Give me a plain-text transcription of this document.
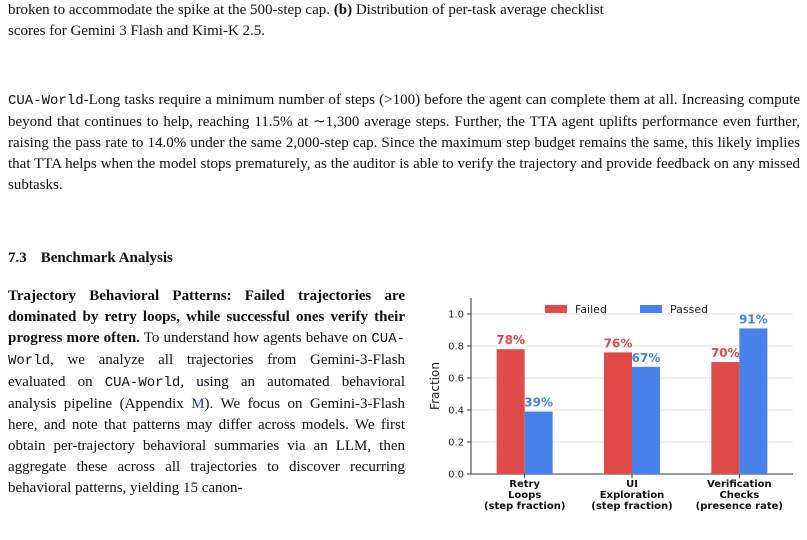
broken to accommodate the spike at the 500-step cap. (b) Distribution of per-task average checklist
scores for Gemini 3 Flash and Kimi-K 2.5.
CUA-World-Long tasks require a minimum number of steps (>100) before the agent can complete them at all. Increasing compute beyond that continues to help, reaching 11.5% at ∼1,300 average steps. Further, the TTA agent uplifts performance even further, raising the pass rate to 14.0% under the same 2,000-step cap. Since the maximum step budget remains the same, this likely implies that TTA helps when the model stops prematurely, as the auditor is able to verify the trajectory and provide feedback on any missed subtasks.
7.3 Benchmark Analysis
Trajectory Behavioral Patterns: Failed trajectories are dominated by retry loops, while successful ones verify their progress more often. To understand how agents behave on CUA-World, we analyze all trajectories from Gemini-3-Flash evaluated on CUA-World, using an automated behavioral analysis pipeline (Appendix M). We focus on Gemini-3-Flash here, and note that patterns may differ across models. We first obtain per-trajectory behavioral summaries via an LLM, then aggregate these across all trajectories to discover recurring behavioral patterns, yielding 15 canon-
0.0
0.2
0.4
0.6
0.8
1.0
Fraction
78%
39%
Retry
Loops
(step fraction)
76%
67%
UI
Exploration
(step fraction)
70%
91%
Verification
Checks
(presence rate)
Failed	Passed
